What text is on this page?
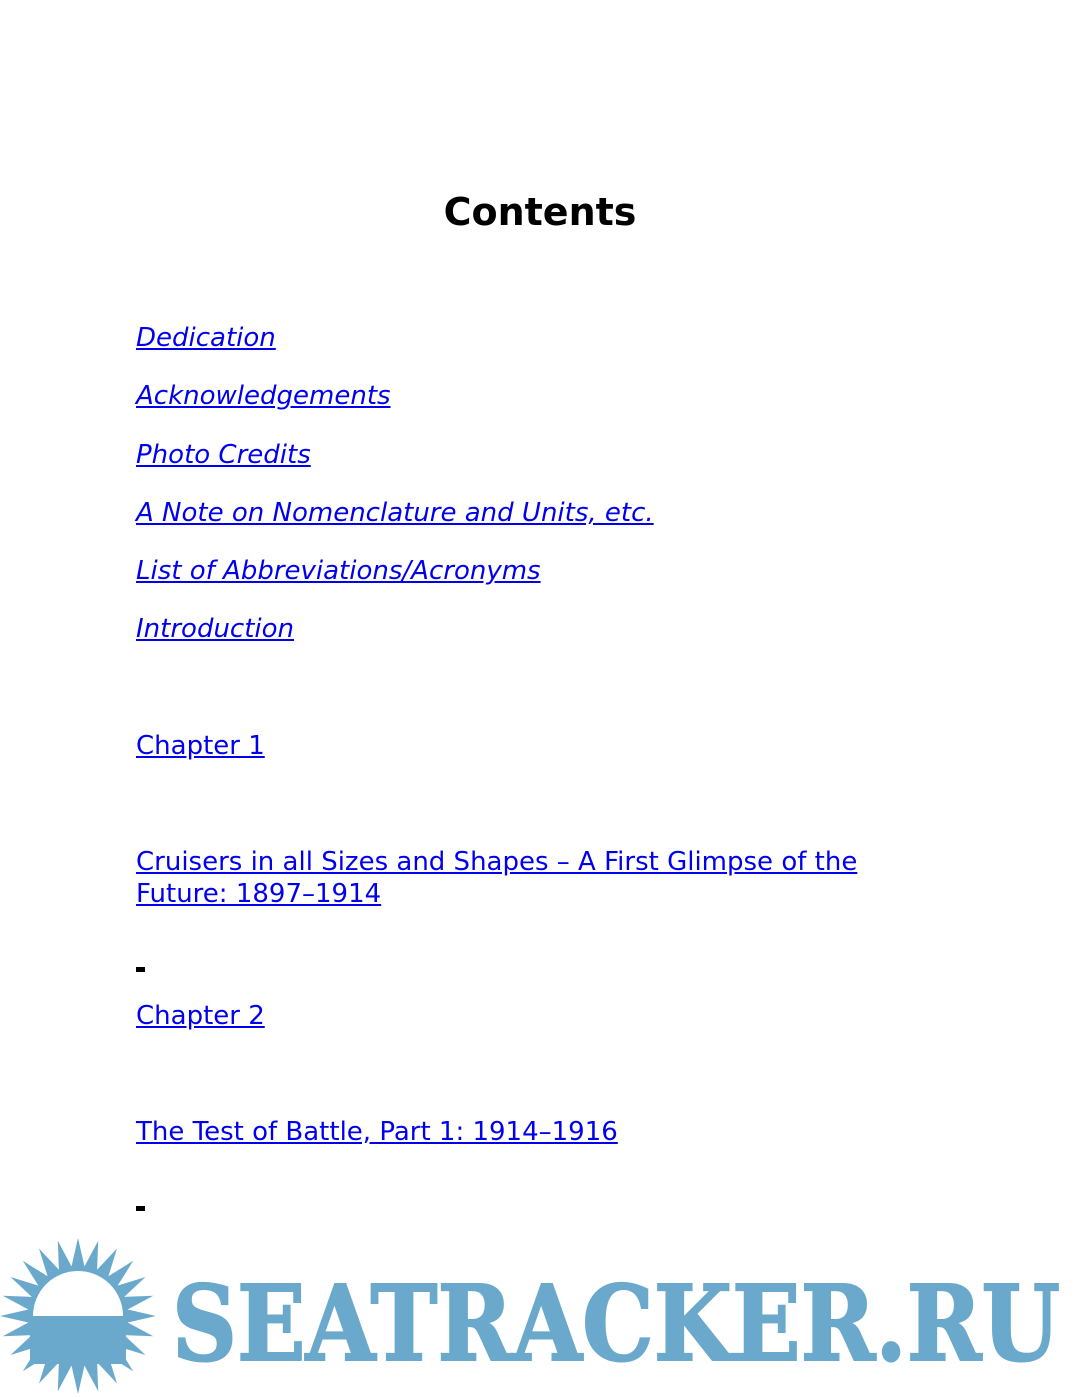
Contents
Dedication
Acknowledgements
Photo Credits
A Note on Nomenclature and Units, etc.
List of Abbreviations/Acronyms
Introduction
Chapter 1
Cruisers in all Sizes and Shapes – A First Glimpse of the Future: 1897–1914
Chapter 2
The Test of Battle, Part 1: 1914–1916
SEATRACKER.RU
